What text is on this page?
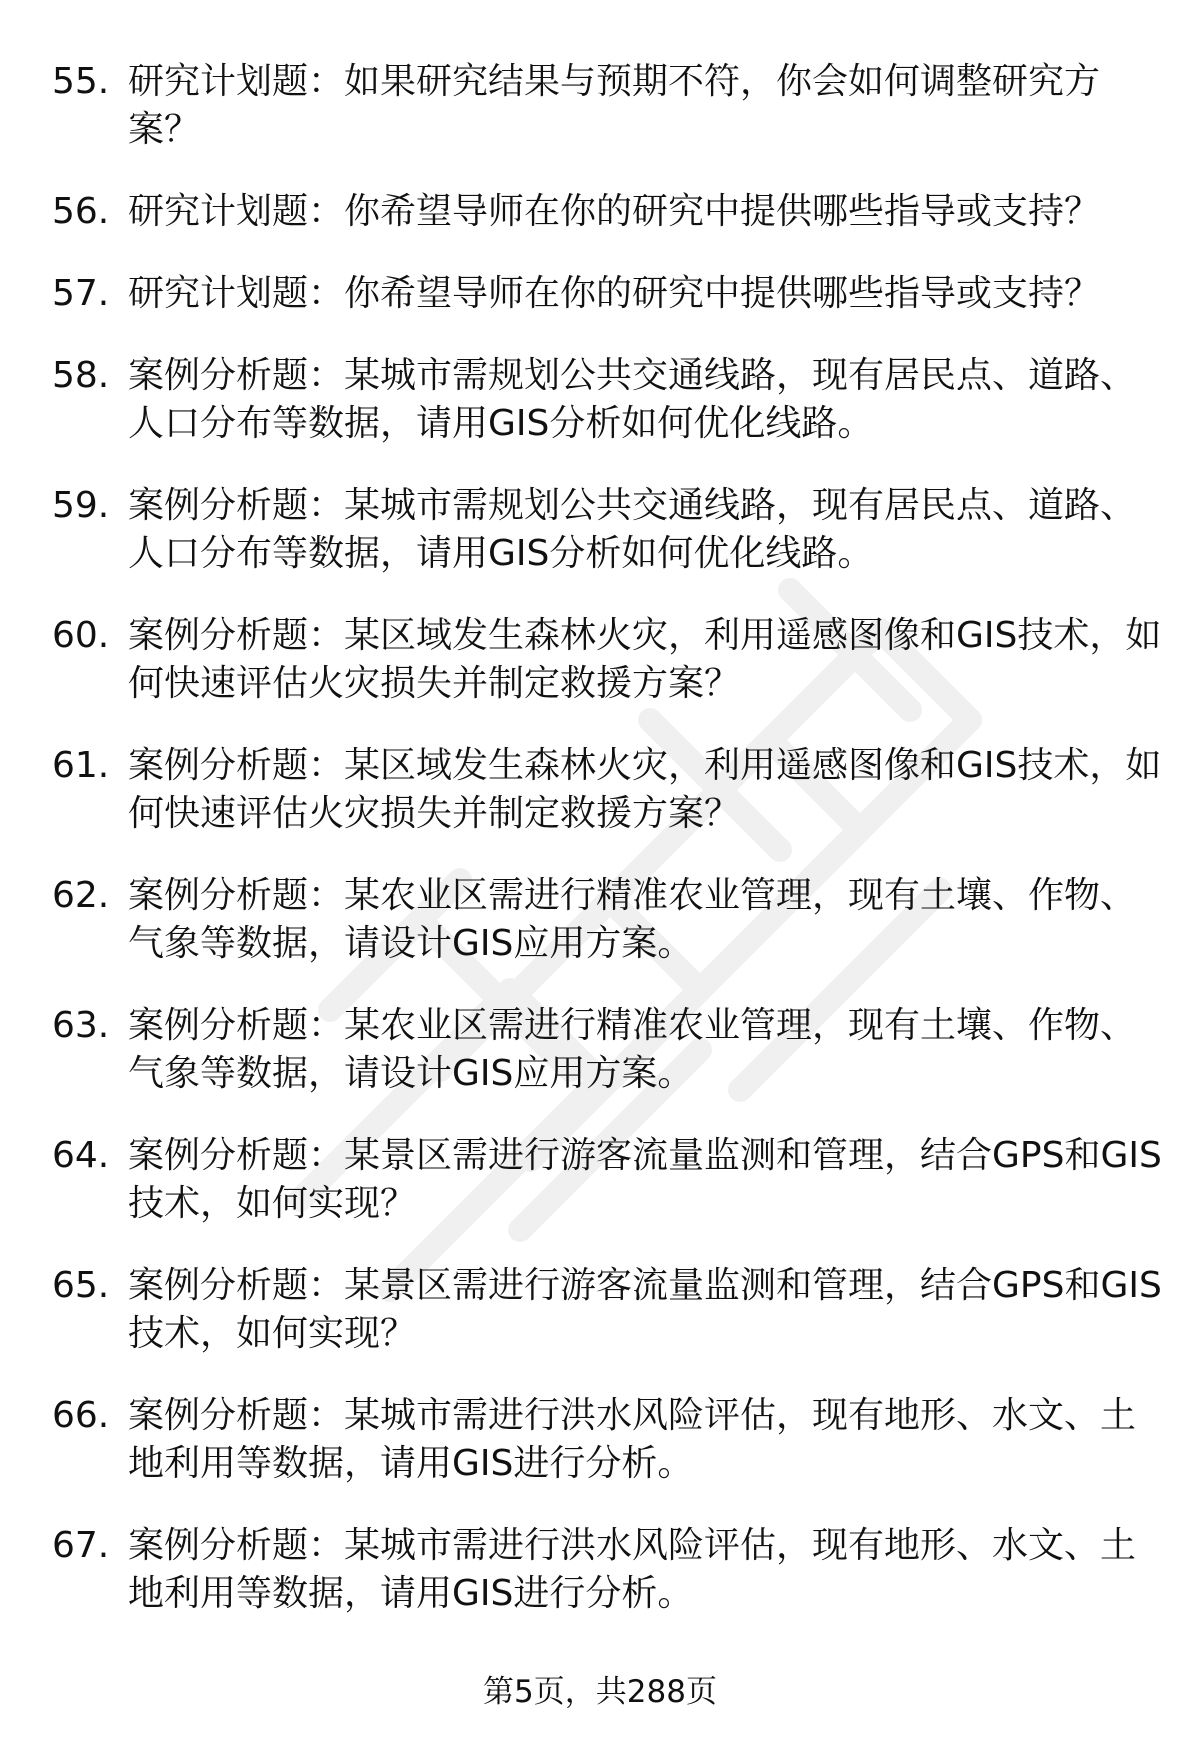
55. 研究计划题：如果研究结果与预期不符，你会如何调整研究方案？
56. 研究计划题：你希望导师在你的研究中提供哪些指导或支持？
57. 研究计划题：你希望导师在你的研究中提供哪些指导或支持？
58. 案例分析题：某城市需规划公共交通线路，现有居民点、道路、人口分布等数据，请用GIS分析如何优化线路。
59. 案例分析题：某城市需规划公共交通线路，现有居民点、道路、人口分布等数据，请用GIS分析如何优化线路。
60. 案例分析题：某区域发生森林火灾，利用遥感图像和GIS技术，如何快速评估火灾损失并制定救援方案？
61. 案例分析题：某区域发生森林火灾，利用遥感图像和GIS技术，如何快速评估火灾损失并制定救援方案？
62. 案例分析题：某农业区需进行精准农业管理，现有土壤、作物、气象等数据，请设计GIS应用方案。
63. 案例分析题：某农业区需进行精准农业管理，现有土壤、作物、气象等数据，请设计GIS应用方案。
64. 案例分析题：某景区需进行游客流量监测和管理，结合GPS和GIS技术，如何实现？
65. 案例分析题：某景区需进行游客流量监测和管理，结合GPS和GIS技术，如何实现？
66. 案例分析题：某城市需进行洪水风险评估，现有地形、水文、土地利用等数据，请用GIS进行分析。
67. 案例分析题：某城市需进行洪水风险评估，现有地形、水文、土地利用等数据，请用GIS进行分析。
第5页，共288页
